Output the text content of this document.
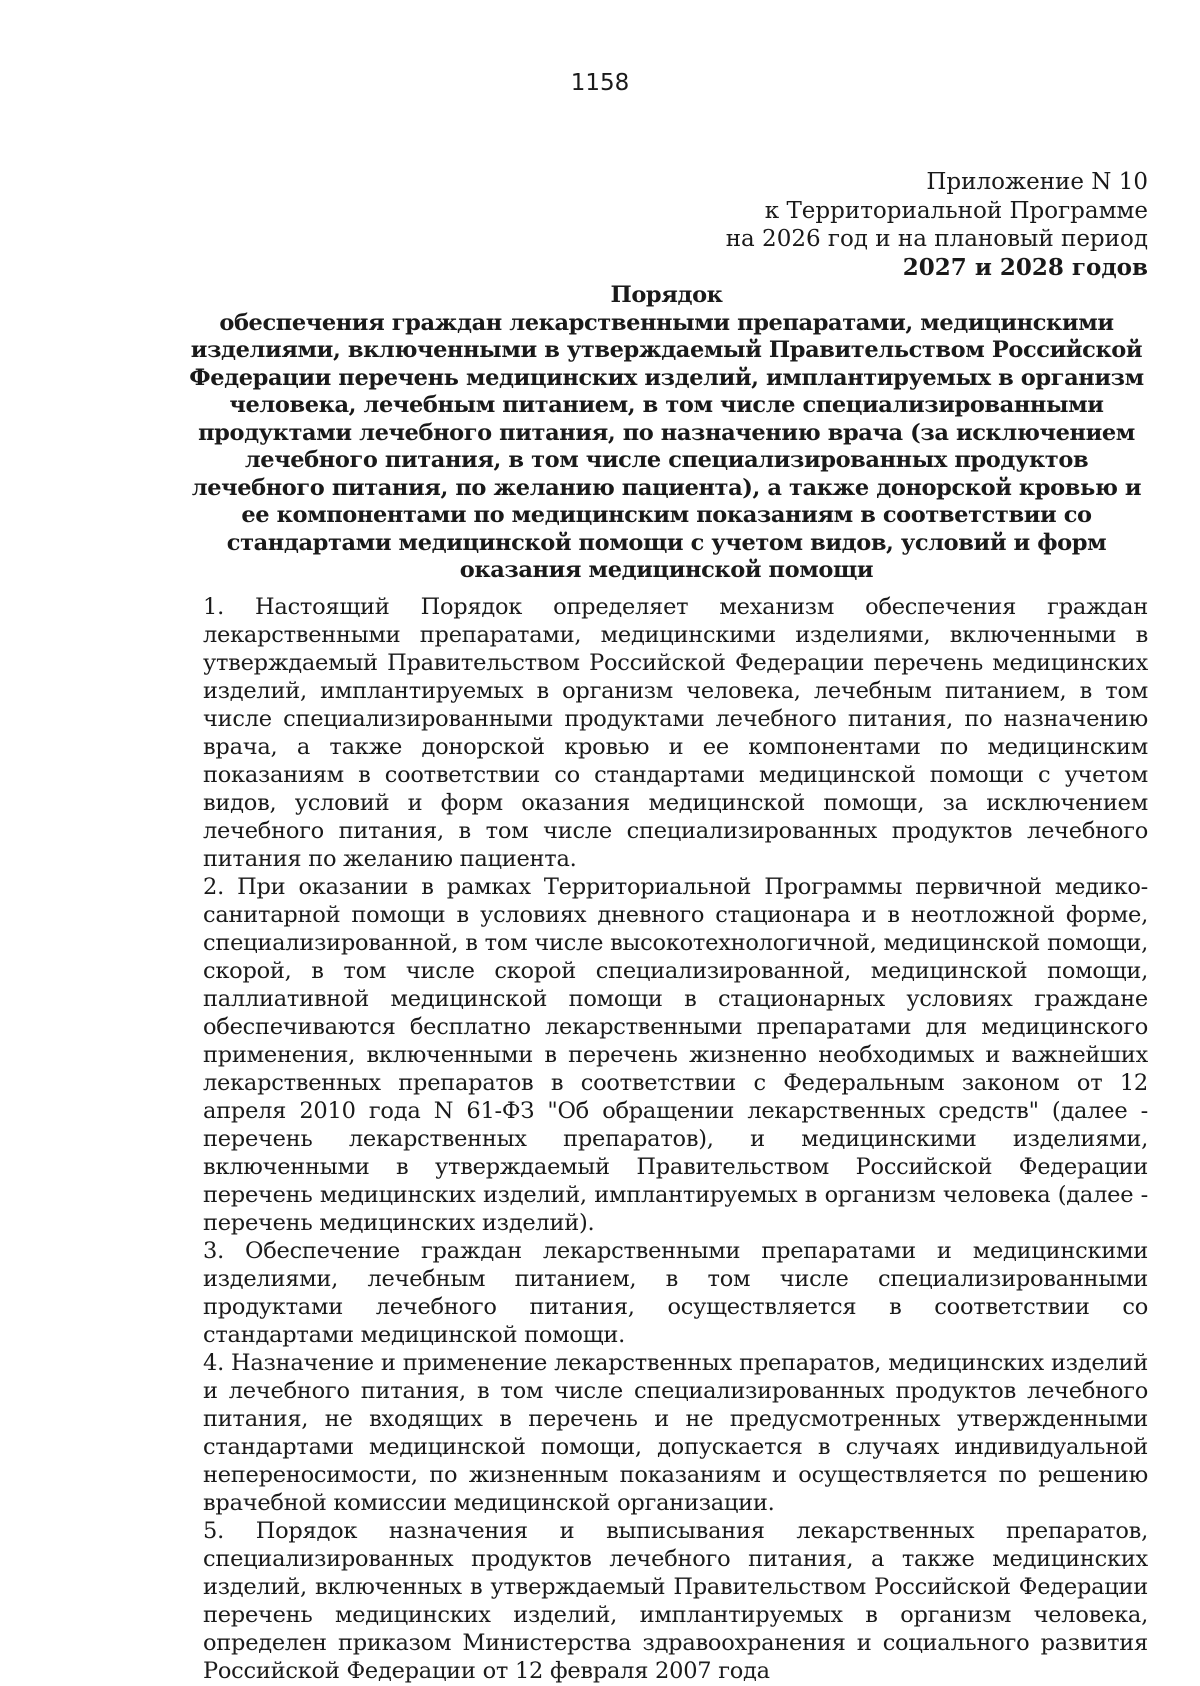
1158
Приложение N 10
к Территориальной Программе
на 2026 год и на плановый период
2027 и 2028 годов
Порядок
обеспечения граждан лекарственными препаратами, медицинскими изделиями, включенными в утверждаемый Правительством Российской Федерации перечень медицинских изделий, имплантируемых в организм человека, лечебным питанием, в том числе специализированными продуктами лечебного питания, по назначению врача (за исключением лечебного питания, в том числе специализированных продуктов лечебного питания, по желанию пациента), а также донорской кровью и ее компонентами по медицинским показаниям в соответствии со стандартами медицинской помощи с учетом видов, условий и форм оказания медицинской помощи

1. Настоящий Порядок определяет механизм обеспечения граждан лекарственными препаратами, медицинскими изделиями, включенными в утверждаемый Правительством Российской Федерации перечень медицинских изделий, имплантируемых в организм человека, лечебным питанием, в том числе специализированными продуктами лечебного питания, по назначению врача, а также донорской кровью и ее компонентами по медицинским показаниям в соответствии со стандартами медицинской помощи с учетом видов, условий и форм оказания медицинской помощи, за исключением лечебного питания, в том числе специализированных продуктов лечебного питания по желанию пациента.

2. При оказании в рамках Территориальной Программы первичной медико-санитарной помощи в условиях дневного стационара и в неотложной форме, специализированной, в том числе высокотехнологичной, медицинской помощи, скорой, в том числе скорой специализированной, медицинской помощи, паллиативной медицинской помощи в стационарных условиях граждане обеспечиваются бесплатно лекарственными препаратами для медицинского применения, включенными в перечень жизненно необходимых и важнейших лекарственных препаратов в соответствии с Федеральным законом от 12 апреля 2010 года N 61-ФЗ "Об обращении лекарственных средств" (далее - перечень лекарственных препаратов), и медицинскими изделиями, включенными в утверждаемый Правительством Российской Федерации перечень медицинских изделий, имплантируемых в организм человека (далее - перечень медицинских изделий).

3. Обеспечение граждан лекарственными препаратами и медицинскими изделиями, лечебным питанием, в том числе специализированными продуктами лечебного питания, осуществляется в соответствии со стандартами медицинской помощи.

4. Назначение и применение лекарственных препаратов, медицинских изделий и лечебного питания, в том числе специализированных продуктов лечебного питания, не входящих в перечень и не предусмотренных утвержденными стандартами медицинской помощи, допускается в случаях индивидуальной непереносимости, по жизненным показаниям и осуществляется по решению врачебной комиссии медицинской организации.

5. Порядок назначения и выписывания лекарственных препаратов, специализированных продуктов лечебного питания, а также медицинских изделий, включенных в утверждаемый Правительством Российской Федерации перечень медицинских изделий, имплантируемых в организм человека, определен приказом Министерства здравоохранения и социального развития Российской Федерации от 12 февраля 2007 года
